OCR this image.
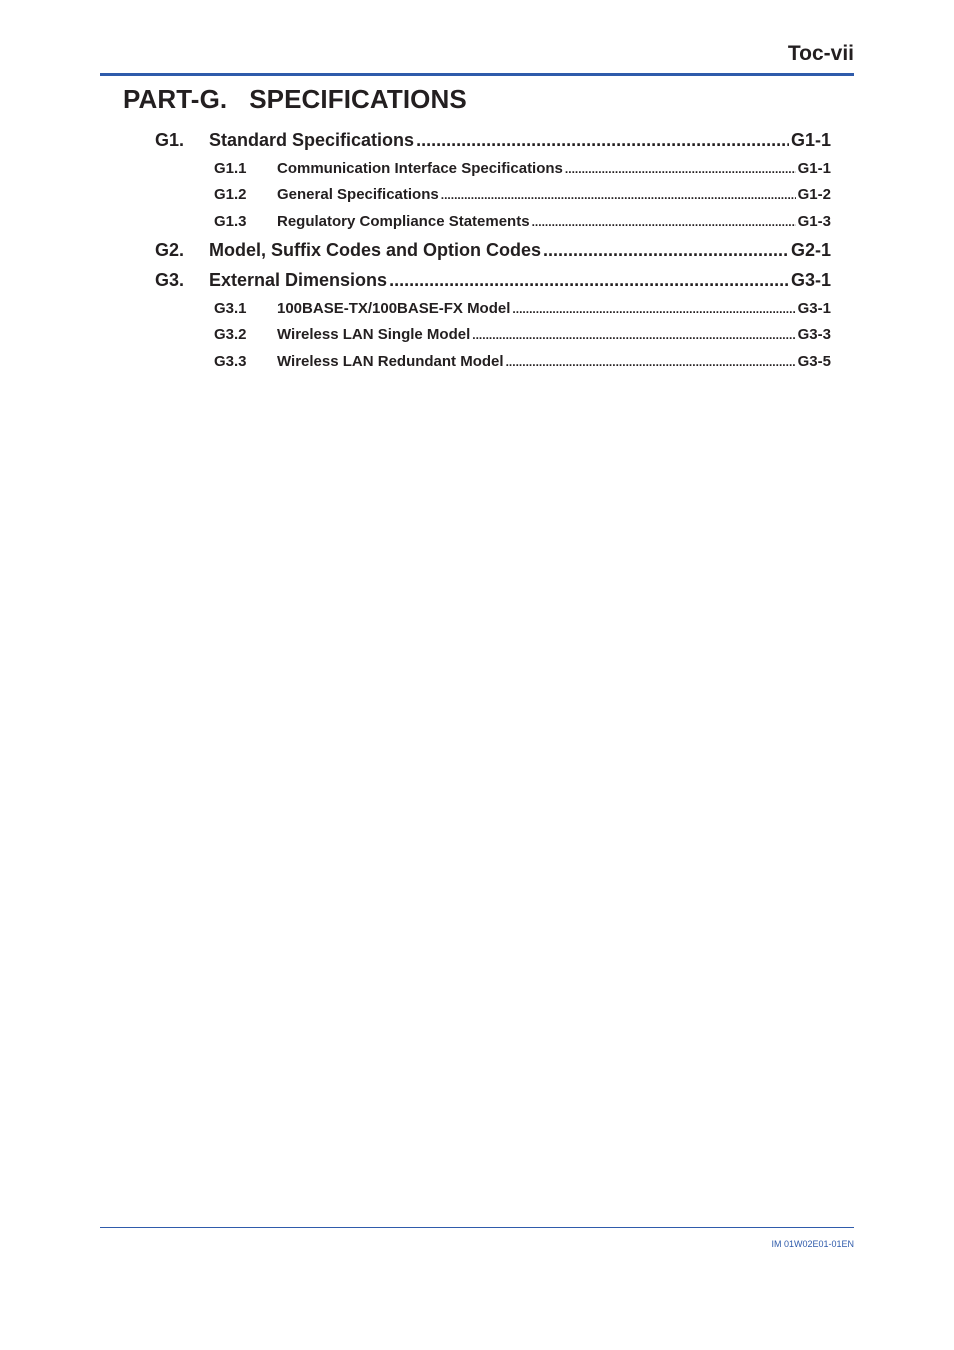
Toc-vii
PART-G.   SPECIFICATIONS
G1. Standard Specifications .....	G1-1
G1.1 Communication Interface Specifications .....	G1-1
G1.2 General Specifications .....	G1-2
G1.3 Regulatory Compliance Statements .....	G1-3
G2. Model, Suffix Codes and Option Codes .....	G2-1
G3. External Dimensions .....	G3-1
G3.1 100BASE-TX/100BASE-FX Model .....	G3-1
G3.2 Wireless LAN Single Model .....	G3-3
G3.3 Wireless LAN Redundant Model .....	G3-5
IM 01W02E01-01EN
